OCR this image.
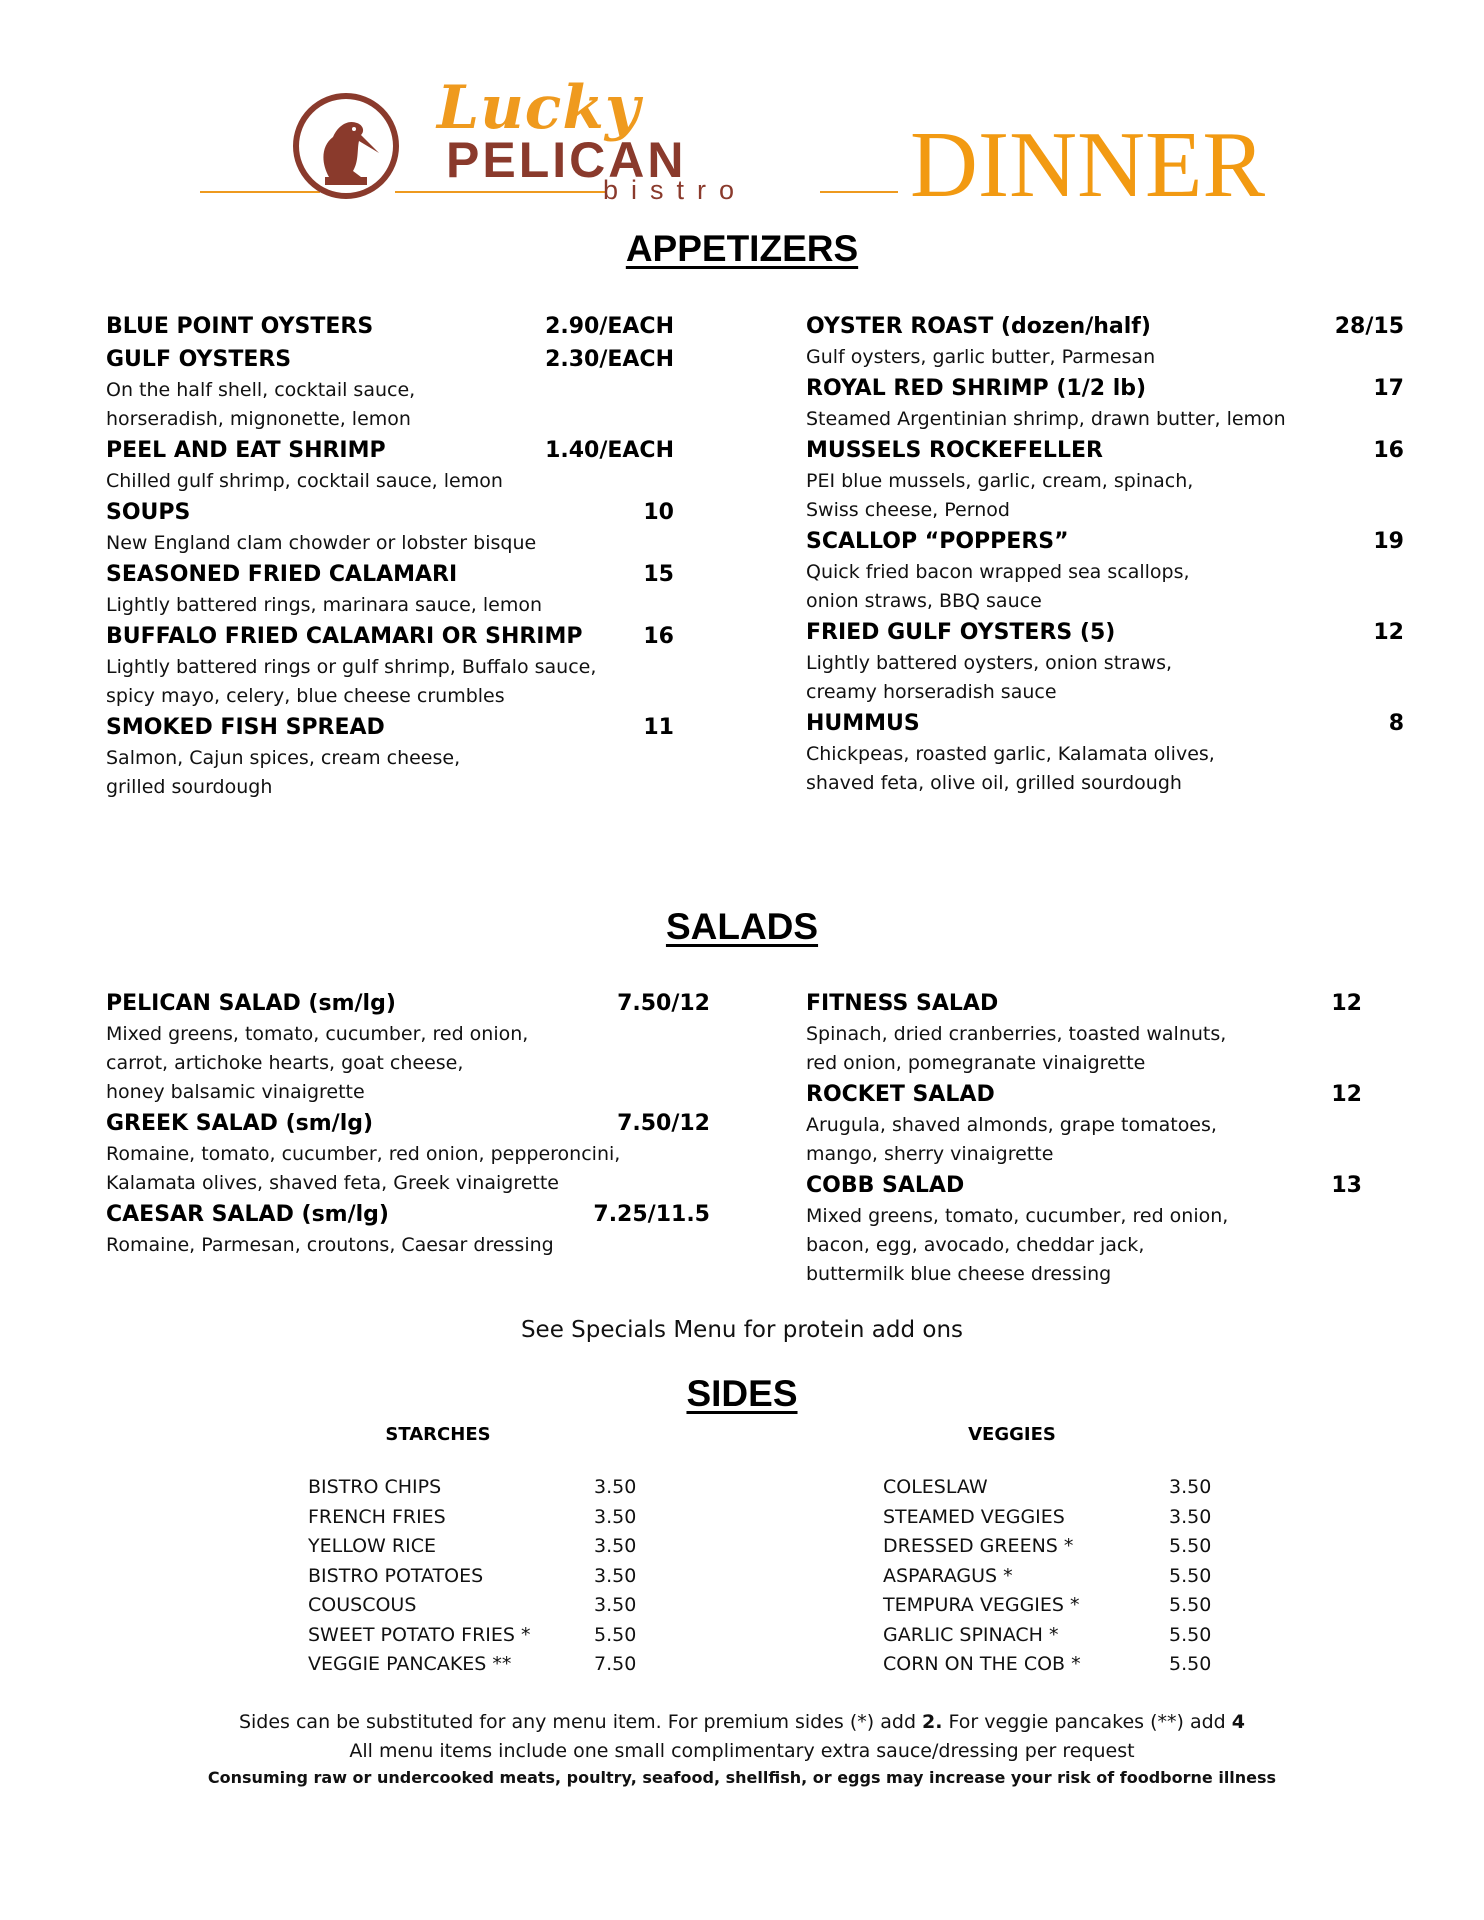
Lucky
PELICAN
bistro DINNER
APPETIZERS
BLUE POINT OYSTERS	2.90/EACH
GULF OYSTERS	2.30/EACH
On the half shell, cocktail sauce,
horseradish, mignonette, lemon
PEEL AND EAT SHRIMP	1.40/EACH
Chilled gulf shrimp, cocktail sauce, lemon
SOUPS	10
New England clam chowder or lobster bisque
SEASONED FRIED CALAMARI	15
Lightly battered rings, marinara sauce, lemon
BUFFALO FRIED CALAMARI OR SHRIMP	16
Lightly battered rings or gulf shrimp, Buffalo sauce,
spicy mayo, celery, blue cheese crumbles
SMOKED FISH SPREAD	11
Salmon, Cajun spices, cream cheese,
grilled sourdough
OYSTER ROAST (dozen/half)	28/15
Gulf oysters, garlic butter, Parmesan
ROYAL RED SHRIMP (1/2 lb)	17
Steamed Argentinian shrimp, drawn butter, lemon
MUSSELS ROCKEFELLER	16
PEI blue mussels, garlic, cream, spinach,
Swiss cheese, Pernod
SCALLOP “POPPERS”	19
Quick fried bacon wrapped sea scallops,
onion straws, BBQ sauce
FRIED GULF OYSTERS (5)	12
Lightly battered oysters, onion straws,
creamy horseradish sauce
HUMMUS	8
Chickpeas, roasted garlic, Kalamata olives,
shaved feta, olive oil, grilled sourdough
SALADS
PELICAN SALAD (sm/lg)	7.50/12
Mixed greens, tomato, cucumber, red onion,
carrot, artichoke hearts, goat cheese,
honey balsamic vinaigrette
GREEK SALAD (sm/lg)	7.50/12
Romaine, tomato, cucumber, red onion, pepperoncini,
Kalamata olives, shaved feta, Greek vinaigrette
CAESAR SALAD (sm/lg)	7.25/11.5
Romaine, Parmesan, croutons, Caesar dressing
FITNESS SALAD	12
Spinach, dried cranberries, toasted walnuts,
red onion, pomegranate vinaigrette
ROCKET SALAD	12
Arugula, shaved almonds, grape tomatoes,
mango, sherry vinaigrette
COBB SALAD	13
Mixed greens, tomato, cucumber, red onion,
bacon, egg, avocado, cheddar jack,
buttermilk blue cheese dressing
See Specials Menu for protein add ons
SIDES
STARCHES	VEGGIES
BISTRO CHIPS	3.50
FRENCH FRIES	3.50
YELLOW RICE	3.50
BISTRO POTATOES	3.50
COUSCOUS	3.50
SWEET POTATO FRIES *	5.50
VEGGIE PANCAKES **	7.50
COLESLAW	3.50
STEAMED VEGGIES	3.50
DRESSED GREENS *	5.50
ASPARAGUS *	5.50
TEMPURA VEGGIES *	5.50
GARLIC SPINACH *	5.50
CORN ON THE COB *	5.50
Sides can be substituted for any menu item. For premium sides (*) add 2. For veggie pancakes (**) add 4
All menu items include one small complimentary extra sauce/dressing per request
Consuming raw or undercooked meats, poultry, seafood, shellfish, or eggs may increase your risk of foodborne illness
